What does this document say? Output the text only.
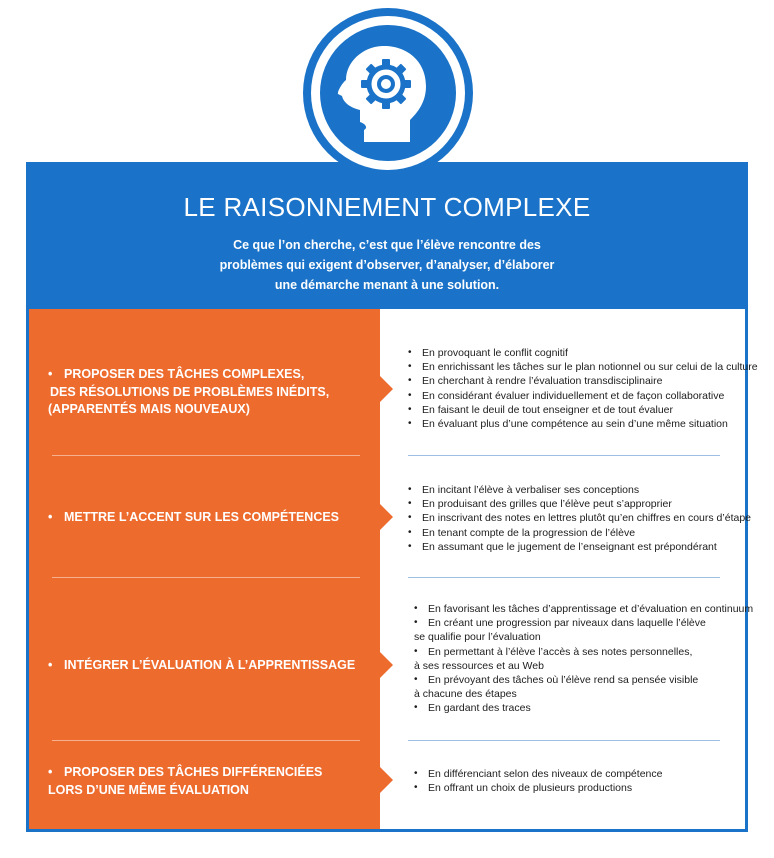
LE RAISONNEMENT COMPLEXE
Ce que l’on cherche, c’est que l’élève rencontre des
problèmes qui exigent d’observer, d’analyser, d’élaborer
une démarche menant à une solution.
• PROPOSER DES TÂCHES COMPLEXES,
DES RÉSOLUTIONS DE PROBLÈMES INÉDITS,
(APPARENTÉS MAIS NOUVEAUX)
• En provoquant le conflit cognitif
• En enrichissant les tâches sur le plan notionnel ou sur celui de la culture
• En cherchant à rendre l’évaluation transdisciplinaire
• En considérant évaluer individuellement et de façon collaborative
• En faisant le deuil de tout enseigner et de tout évaluer
• En évaluant plus d’une compétence au sein d’une même situation
• METTRE L’ACCENT SUR LES COMPÉTENCES
• En incitant l’élève à verbaliser ses conceptions
• En produisant des grilles que l’élève peut s’approprier
• En inscrivant des notes en lettres plutôt qu’en chiffres en cours d’étape
• En tenant compte de la progression de l’élève
• En assumant que le jugement de l’enseignant est prépondérant
• INTÉGRER L’ÉVALUATION À L’APPRENTISSAGE
• En favorisant les tâches d’apprentissage et d’évaluation en continuum
• En créant une progression par niveaux dans laquelle l’élève
se qualifie pour l’évaluation
• En permettant à l’élève l’accès à ses notes personnelles,
à ses ressources et au Web
• En prévoyant des tâches où l’élève rend sa pensée visible
à chacune des étapes
• En gardant des traces
• PROPOSER DES TÂCHES DIFFÉRENCIÉES
LORS D’UNE MÊME ÉVALUATION
• En différenciant selon des niveaux de compétence
• En offrant un choix de plusieurs productions
